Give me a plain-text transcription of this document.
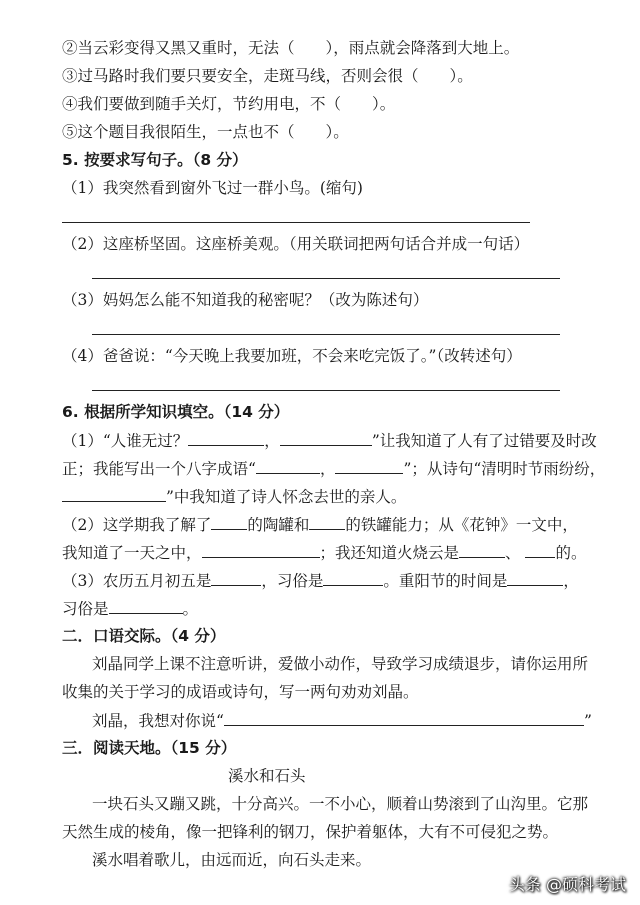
②当云彩变得又黑又重时，无法（　　），雨点就会降落到大地上。
③过马路时我们要只要安全，走斑马线，否则会很（　　）。
④我们要做到随手关灯，节约用电，不（　　）。
⑤这个题目我很陌生，一点也不（　　）。
5. 按要求写句子。（8 分）
（1）我突然看到窗外飞过一群小鸟。(缩句)
（2）这座桥坚固。这座桥美观。（用关联词把两句话合并成一句话）
（3）妈妈怎么能不知道我的秘密呢？（改为陈述句）
（4）爸爸说：“今天晚上我要加班，不会来吃完饭了。”（改转述句）
6. 根据所学知识填空。（14 分）
（1）“人谁无过？	，	”让我知道了人有了过错要及时改
正；我能写出一个八字成语“	，	”；从诗句“清明时节雨纷纷，
”中我知道了诗人怀念去世的亲人。
（2）这学期我了解了 的陶罐和 的铁罐能力；从《花钟》一文中，
我知道了一天之中，	；我还知道火烧云是	、 的。
（3）农历五月初五是	，习俗是	。重阳节的时间是	，
习俗是	。
二．口语交际。（4 分）
刘晶同学上课不注意听讲，爱做小动作，导致学习成绩退步，请你运用所
收集的关于学习的成语或诗句，写一两句劝劝刘晶。
刘晶，我想对你说“	”
三．阅读天地。（15 分）
溪水和石头
一块石头又蹦又跳，十分高兴。一不小心，顺着山势滚到了山沟里。它那
天然生成的棱角，像一把锋利的钢刀，保护着躯体，大有不可侵犯之势。
溪水唱着歌儿，由远而近，向石头走来。
头条 @硕科考试
